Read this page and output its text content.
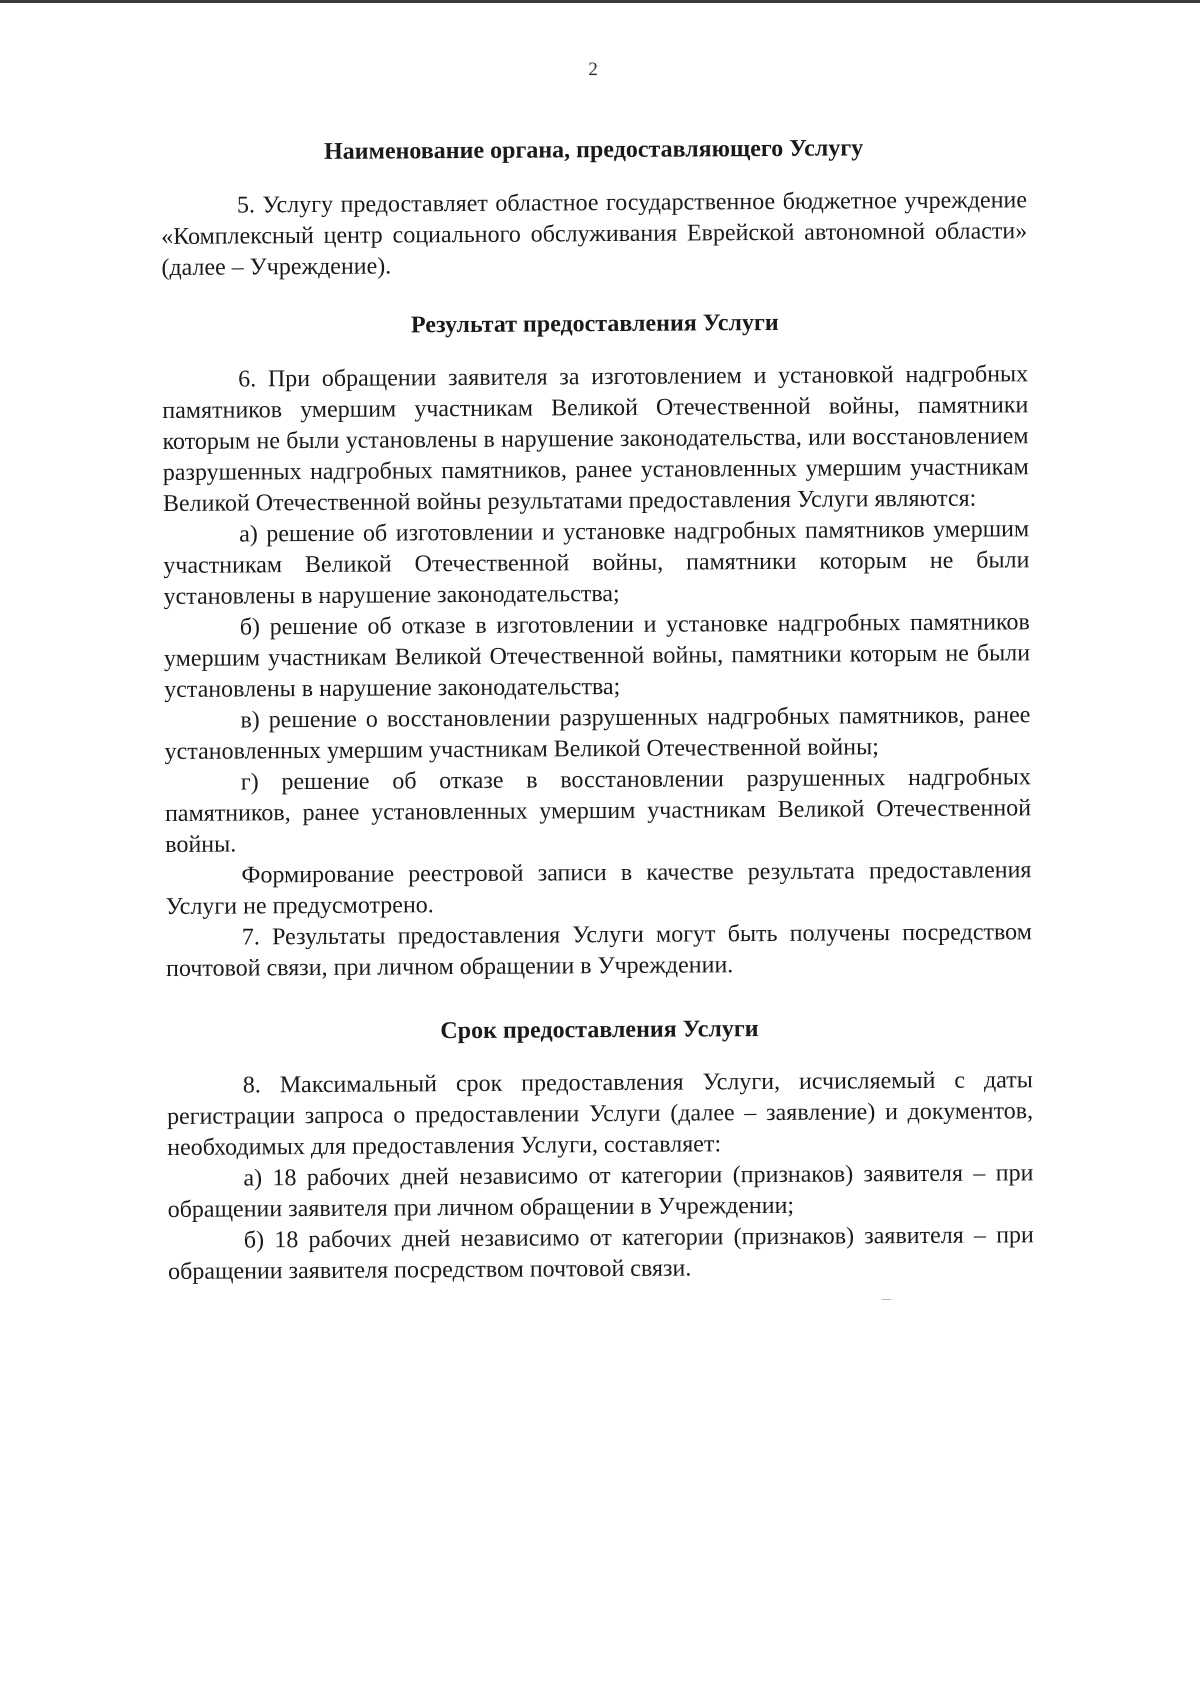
2
Наименование органа, предоставляющего Услугу

5. Услугу предоставляет областное государственное бюджетное учреждение «Комплексный центр социального обслуживания Еврейской автономной области» (далее – Учреждение).

Результат предоставления Услуги

6. При обращении заявителя за изготовлением и установкой надгробных памятников умершим участникам Великой Отечественной войны, памятники которым не были установлены в нарушение законодательства, или восстановлением разрушенных надгробных памятников, ранее установленных умершим участникам Великой Отечественной войны результатами предоставления Услуги являются:

а) решение об изготовлении и установке надгробных памятников умершим участникам Великой Отечественной войны, памятники которым не были установлены в нарушение законодательства;

б) решение об отказе в изготовлении и установке надгробных памятников умершим участникам Великой Отечественной войны, памятники которым не были установлены в нарушение законодательства;

в) решение о восстановлении разрушенных надгробных памятников, ранее установленных умершим участникам Великой Отечественной войны;

г) решение об отказе в восстановлении разрушенных надгробных памятников, ранее установленных умершим участникам Великой Отечественной войны.

Формирование реестровой записи в качестве результата предоставления Услуги не предусмотрено.

7. Результаты предоставления Услуги могут быть получены посредством почтовой связи, при личном обращении в Учреждении.

Срок предоставления Услуги

8. Максимальный срок предоставления Услуги, исчисляемый с даты регистрации запроса о предоставлении Услуги (далее – заявление) и документов, необходимых для предоставления Услуги, составляет:

а) 18 рабочих дней независимо от категории (признаков) заявителя – при обращении заявителя при личном обращении в Учреждении;

б) 18 рабочих дней независимо от категории (признаков) заявителя – при обращении заявителя посредством почтовой связи.
